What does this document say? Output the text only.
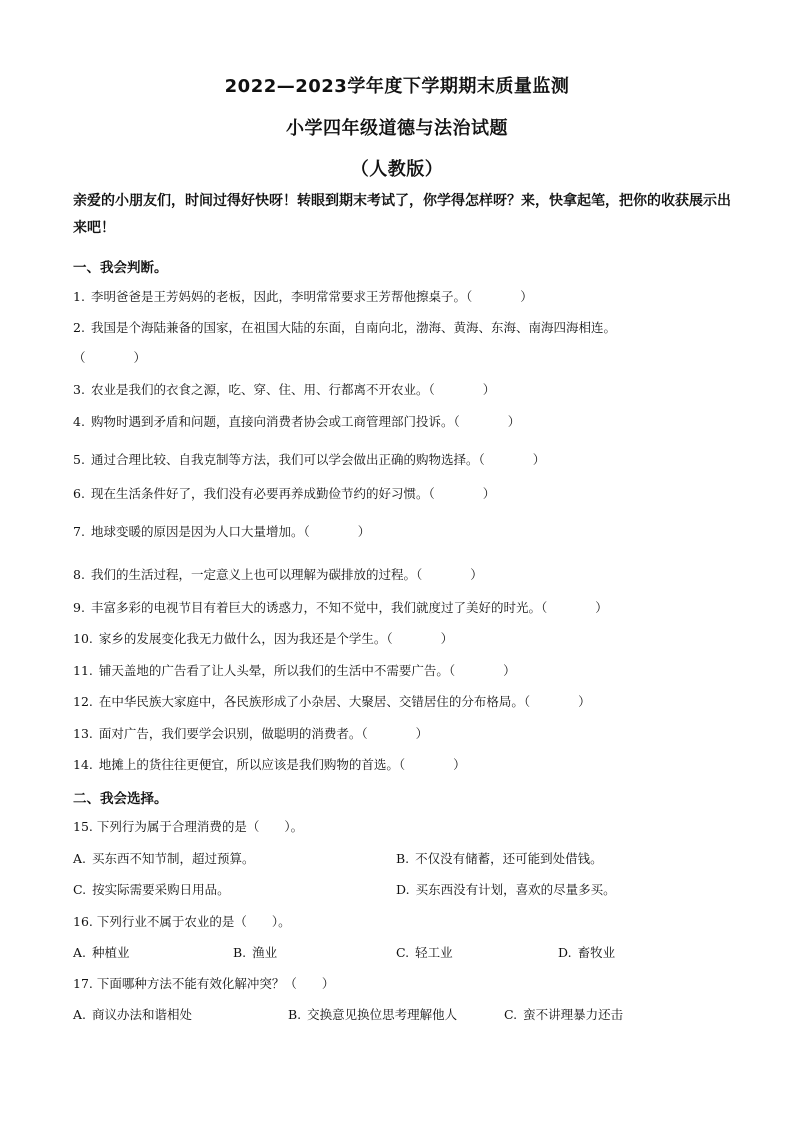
2022—2023学年度下学期期末质量监测
小学四年级道德与法治试题
（人教版）
亲爱的小朋友们，时间过得好快呀！转眼到期末考试了，你学得怎样呀？来，快拿起笔，把你的收获展示出来吧！
一、我会判断。
1. 李明爸爸是王芳妈妈的老板，因此，李明常常要求王芳帮他擦桌子。（	）
2. 我国是个海陆兼备的国家，在祖国大陆的东面，自南向北，渤海、黄海、东海、南海四海相连。
（	）
3. 农业是我们的衣食之源，吃、穿、住、用、行都离不开农业。（	）
4. 购物时遇到矛盾和问题，直接向消费者协会或工商管理部门投诉。（	）
5. 通过合理比较、自我克制等方法，我们可以学会做出正确的购物选择。（	）
6. 现在生活条件好了，我们没有必要再养成勤俭节约的好习惯。（	）
7. 地球变暖的原因是因为人口大量增加。（	）
8. 我们的生活过程，一定意义上也可以理解为碳排放的过程。（	）
9. 丰富多彩的电视节目有着巨大的诱惑力，不知不觉中，我们就度过了美好的时光。（	）
10. 家乡的发展变化我无力做什么，因为我还是个学生。（	）
11. 铺天盖地的广告看了让人头晕，所以我们的生活中不需要广告。（	）
12. 在中华民族大家庭中，各民族形成了小杂居、大聚居、交错居住的分布格局。（	）
13. 面对广告，我们要学会识别，做聪明的消费者。（	）
14. 地摊上的货往往更便宜，所以应该是我们购物的首选。（	）
二、我会选择。
15. 下列行为属于合理消费的是（　　）。
A. 买东西不知节制，超过预算。	B. 不仅没有储蓄，还可能到处借钱。
C. 按实际需要采购日用品。	D. 买东西没有计划，喜欢的尽量多买。
16. 下列行业不属于农业的是（　　）。
A. 种植业	B. 渔业	C. 轻工业	D. 畜牧业
17. 下面哪种方法不能有效化解冲突？（　　）
A. 商议办法和谐相处	B. 交换意见换位思考理解他人	C. 蛮不讲理暴力还击
